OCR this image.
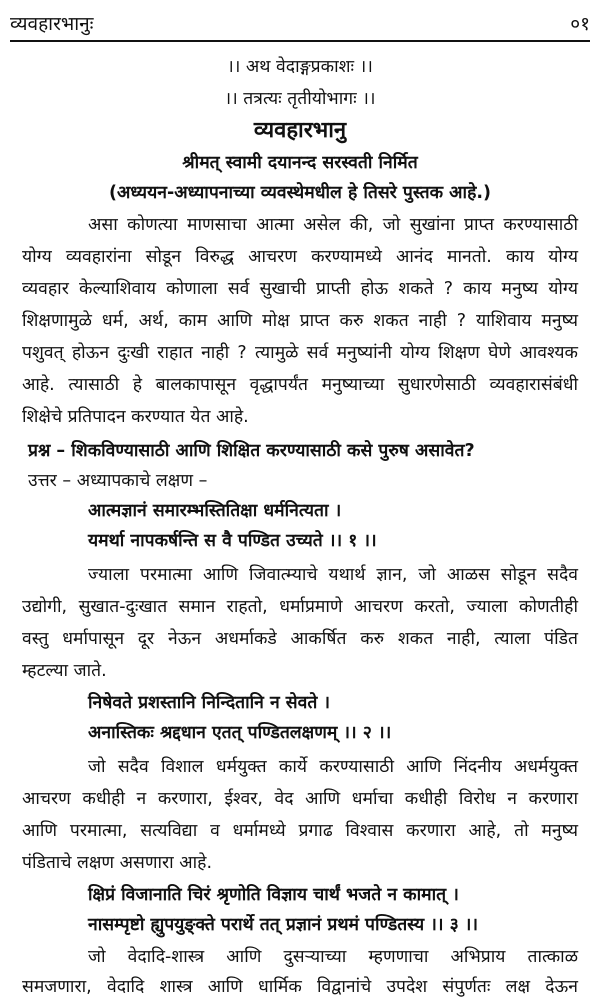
व्यवहारभानुः	०१
।। अथ वेदाङ्गप्रकाशः ।।
।। तत्रत्यः तृतीयोभागः ।।
व्यवहारभानु
श्रीमत् स्वामी दयानन्द सरस्वती निर्मित
(अध्ययन-अध्यापनाच्या व्यवस्थेमधील हे तिसरे पुस्तक आहे.)
असा कोणत्या माणसाचा आत्मा असेल की, जो सुखांना प्राप्त करण्यासाठी
योग्य व्यवहारांना सोडून विरुद्ध आचरण करण्यामध्ये आनंद मानतो. काय योग्य
व्यवहार केल्याशिवाय कोणाला सर्व सुखाची प्राप्ती होऊ शकते ? काय मनुष्य योग्य
शिक्षणामुळे धर्म, अर्थ, काम आणि मोक्ष प्राप्त करु शकत नाही ? याशिवाय मनुष्य
पशुवत् होऊन दुःखी राहात नाही ? त्यामुळे सर्व मनुष्यांनी योग्य शिक्षण घेणे आवश्यक
आहे. त्यासाठी हे बालकापासून वृद्धापर्यंत मनुष्याच्या सुधारणेसाठी व्यवहारासंबंधी
शिक्षेचे प्रतिपादन करण्यात येत आहे.
प्रश्न – शिकविण्यासाठी आणि शिक्षित करण्यासाठी कसे पुरुष असावेत?
उत्तर – अध्यापकाचे लक्षण –
आत्मज्ञानं समारम्भस्तितिक्षा धर्मनित्यता ।
यमर्था नापकर्षन्ति स वै पण्डित उच्यते ।। १ ।।
ज्याला परमात्मा आणि जिवात्म्याचे यथार्थ ज्ञान, जो आळस सोडून सदैव
उद्योगी, सुखात-दुःखात समान राहतो, धर्माप्रमाणे आचरण करतो, ज्याला कोणतीही
वस्तु धर्मापासून दूर नेऊन अधर्माकडे आकर्षित करु शकत नाही, त्याला पंडित
म्हटल्या जाते.
निषेवते प्रशस्तानि निन्दितानि न सेवते ।
अनास्तिकः श्रद्दधान एतत् पण्डितलक्षणम् ।। २ ।।
जो सदैव विशाल धर्मयुक्त कार्ये करण्यासाठी आणि निंदनीय अधर्मयुक्त
आचरण कधीही न करणारा, ईश्वर, वेद आणि धर्माचा कधीही विरोध न करणारा
आणि परमात्मा, सत्यविद्या व धर्मामध्ये प्रगाढ विश्वास करणारा आहे, तो मनुष्य
पंडिताचे लक्षण असणारा आहे.
क्षिप्रं विजानाति चिरं श्रृणोति विज्ञाय चार्थं भजते न कामात् ।
नासम्पृष्टो ह्युपयुङ्क्ते परार्थे तत् प्रज्ञानं प्रथमं पण्डितस्य ।। ३ ।।
जो वेदादि-शास्त्र आणि दुसऱ्याच्या म्हणणाचा अभिप्राय तात्काळ
समजणारा, वेदादि शास्त्र आणि धार्मिक विद्वानांचे उपदेश संपुर्णतः लक्ष देऊन
